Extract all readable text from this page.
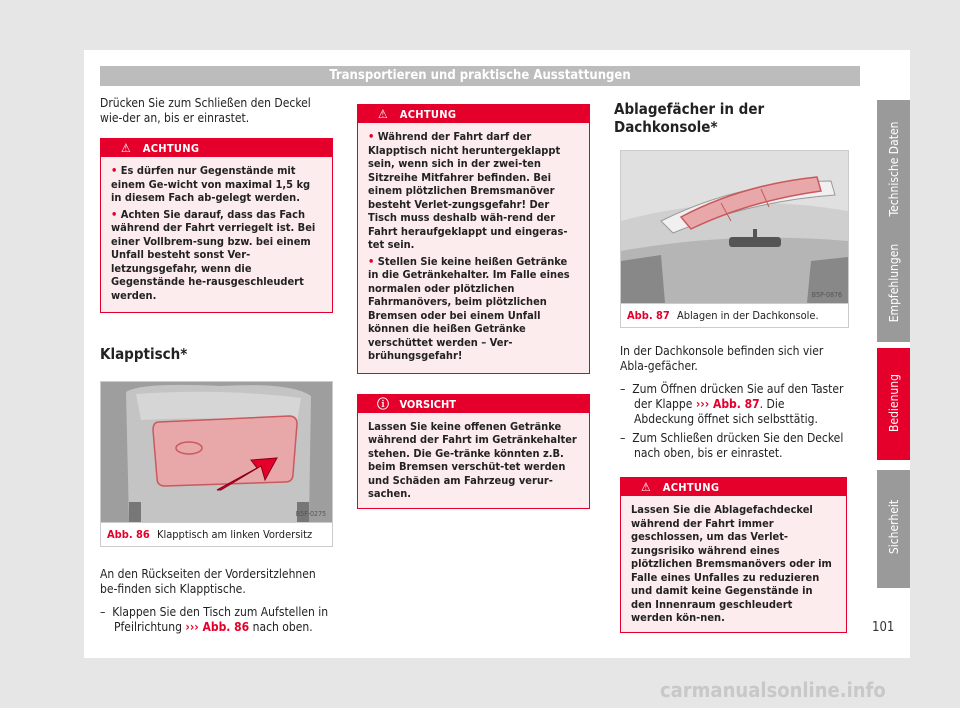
Transportieren und praktische Ausstattungen

Drücken Sie zum Schließen den Deckel wie-der an, bis er einrastet.

⚠ ACHTUNG

• Es dürfen nur Gegenstände mit einem Ge-wicht von maximal 1,5 kg in diesem Fach ab-gelegt werden.

• Achten Sie darauf, dass das Fach während der Fahrt verriegelt ist. Bei einer Vollbrem-sung bzw. bei einem Unfall besteht sonst Ver-letzungsgefahr, wenn die Gegenstände he-rausgeschleudert werden.

Klapptisch*

B5F-0275
Abb. 86 Klapptisch am linken Vordersitz

An den Rückseiten der Vordersitzlehnen be-finden sich Klapptische.

–  Klappen Sie den Tisch zum Aufstellen in Pfeilrichtung ››› Abb. 86 nach oben.

⚠ ACHTUNG

• Während der Fahrt darf der Klapptisch nicht heruntergeklappt sein, wenn sich in der zwei-ten Sitzreihe Mitfahrer befinden. Bei einem plötzlichen Bremsmanöver besteht Verlet-zungsgefahr! Der Tisch muss deshalb wäh-rend der Fahrt heraufgeklappt und eingeras-tet sein.

• Stellen Sie keine heißen Getränke in die Getränkehalter. Im Falle eines normalen oder plötzlichen Fahrmanövers, beim plötzlichen Bremsen oder bei einem Unfall können die heißen Getränke verschüttet werden – Ver-brühungsgefahr!

ⓘ VORSICHT
Lassen Sie keine offenen Getränke während der Fahrt im Getränkehalter stehen. Die Ge-tränke könnten z.B. beim Bremsen verschüt-tet werden und Schäden am Fahrzeug verur-sachen.

Ablagefächer in der Dachkonsole*

B5P-0876
Abb. 87 Ablagen in der Dachkonsole.

In der Dachkonsole befinden sich vier Abla-gefächer.

–  Zum Öffnen drücken Sie auf den Taster der Klappe ››› Abb. 87. Die Abdeckung öffnet sich selbsttätig.

–  Zum Schließen drücken Sie den Deckel nach oben, bis er einrastet.

⚠ ACHTUNG
Lassen Sie die Ablagefachdeckel während der Fahrt immer geschlossen, um das Verlet-zungsrisiko während eines plötzlichen Bremsmanövers oder im Falle eines Unfalles zu reduzieren und damit keine Gegenstände in den Innenraum geschleudert werden kön-nen.
Technische Daten
Empfehlungen
Bedienung
Sicherheit
101
carmanualsonline.info
